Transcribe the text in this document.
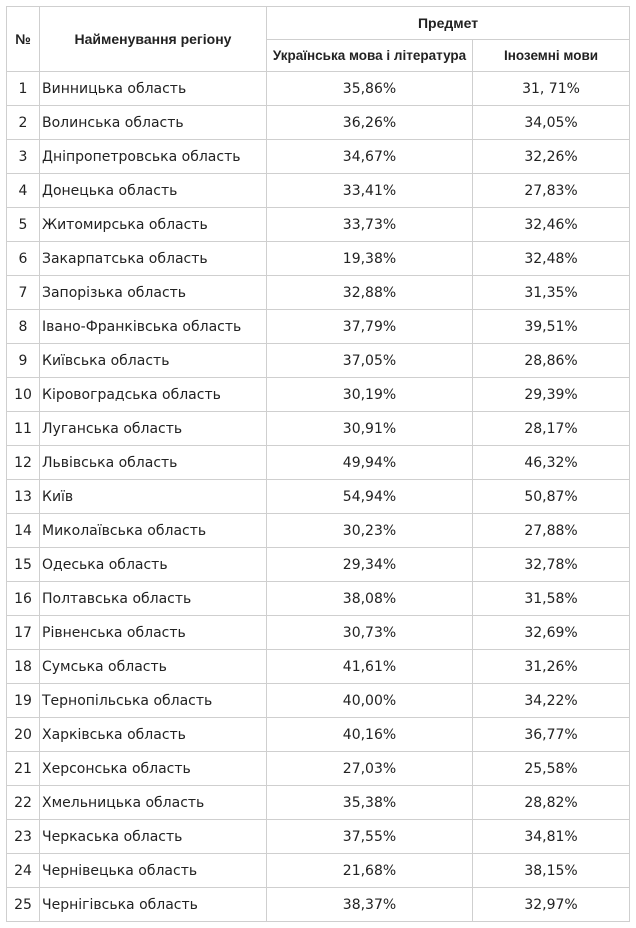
№	Найменування регіону	Предмет	
		Українська мова і література	Іноземні мови
1	Винницька область	35,86%	31, 71%
2	Волинська область	36,26%	34,05%
3	Дніпропетровська область	34,67%	32,26%
4	Донецька область	33,41%	27,83%
5	Житомирська область	33,73%	32,46%
6	Закарпатська область	19,38%	32,48%
7	Запорізька область	32,88%	31,35%
8	Івано-Франківська область	37,79%	39,51%
9	Київська область	37,05%	28,86%
10	Кіровоградська область	30,19%	29,39%
11	Луганська область	30,91%	28,17%
12	Львівська область	49,94%	46,32%
13	Київ	54,94%	50,87%
14	Миколаївська область	30,23%	27,88%
15	Одеська область	29,34%	32,78%
16	Полтавська область	38,08%	31,58%
17	Рівненська область	30,73%	32,69%
18	Сумська область	41,61%	31,26%
19	Тернопільська область	40,00%	34,22%
20	Харківська область	40,16%	36,77%
21	Херсонська область	27,03%	25,58%
22	Хмельницька область	35,38%	28,82%
23	Черкаська область	37,55%	34,81%
24	Чернівецька область	21,68%	38,15%
25	Чернігівська область	38,37%	32,97%
